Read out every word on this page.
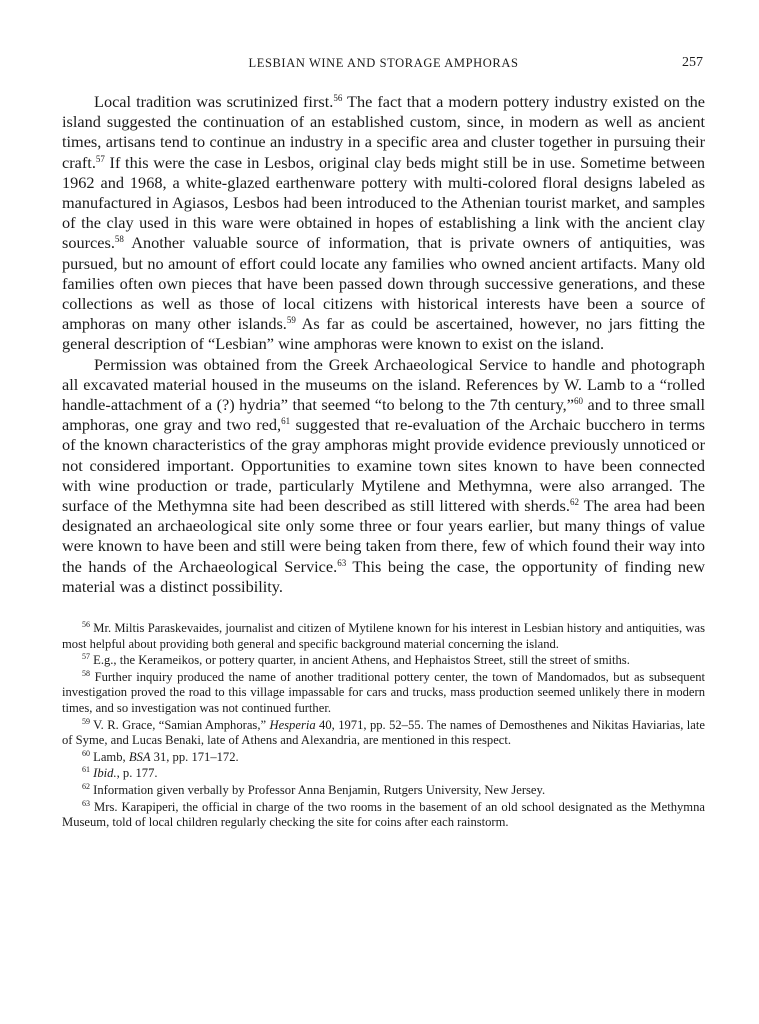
LESBIAN WINE AND STORAGE AMPHORAS	257

Local tradition was scrutinized first.$^{56}$ The fact that a modern pottery industry existed on the island suggested the continuation of an established custom, since, in modern as well as ancient times, artisans tend to continue an industry in a specific area and cluster together in pursuing their craft.$^{57}$ If this were the case in Lesbos, original clay beds might still be in use. Sometime between 1962 and 1968, a white-glazed earthenware pottery with multi-colored floral designs labeled as manufactured in Agiasos, Lesbos had been introduced to the Athenian tourist market, and samples of the clay used in this ware were obtained in hopes of establishing a link with the ancient clay sources.$^{58}$ Another valuable source of information, that is private owners of antiquities, was pursued, but no amount of effort could locate any families who owned ancient artifacts. Many old families often own pieces that have been passed down through successive generations, and these collections as well as those of local citizens with historical interests have been a source of amphoras on many other islands.$^{59}$ As far as could be ascertained, however, no jars fitting the general description of “Lesbian” wine amphoras were known to exist on the island.

Permission was obtained from the Greek Archaeological Service to handle and photograph all excavated material housed in the museums on the island. References by W. Lamb to a “rolled handle-attachment of a (?) hydria” that seemed “to belong to the 7th century,”$^{60}$ and to three small amphoras, one gray and two red,$^{61}$ suggested that re-evaluation of the Archaic bucchero in terms of the known characteristics of the gray amphoras might provide evidence previously unnoticed or not considered important. Opportunities to examine town sites known to have been connected with wine production or trade, particularly Mytilene and Methymna, were also arranged. The surface of the Methymna site had been described as still littered with sherds.$^{62}$ The area had been designated an archaeological site only some three or four years earlier, but many things of value were known to have been and still were being taken from there, few of which found their way into the hands of the Archaeological Service.$^{63}$ This being the case, the opportunity of finding new material was a distinct possibility.

$^{56}$ Mr. Miltis Paraskevaides, journalist and citizen of Mytilene known for his interest in Lesbian history and antiquities, was most helpful about providing both general and specific background material concerning the island.

$^{57}$ E.g., the Kerameikos, or pottery quarter, in ancient Athens, and Hephaistos Street, still the street of smiths.

$^{58}$ Further inquiry produced the name of another traditional pottery center, the town of Mandomados, but as subsequent investigation proved the road to this village impassable for cars and trucks, mass production seemed unlikely there in modern times, and so investigation was not continued further.

$^{59}$ V. R. Grace, “Samian Amphoras,” Hesperia 40, 1971, pp. 52–55. The names of Demosthenes and Nikitas Haviarias, late of Syme, and Lucas Benaki, late of Athens and Alexandria, are mentioned in this respect.

$^{60}$ Lamb, BSA 31, pp. 171–172.

$^{61}$ Ibid., p. 177.

$^{62}$ Information given verbally by Professor Anna Benjamin, Rutgers University, New Jersey.

$^{63}$ Mrs. Karapiperi, the official in charge of the two rooms in the basement of an old school designated as the Methymna Museum, told of local children regularly checking the site for coins after each rainstorm.
